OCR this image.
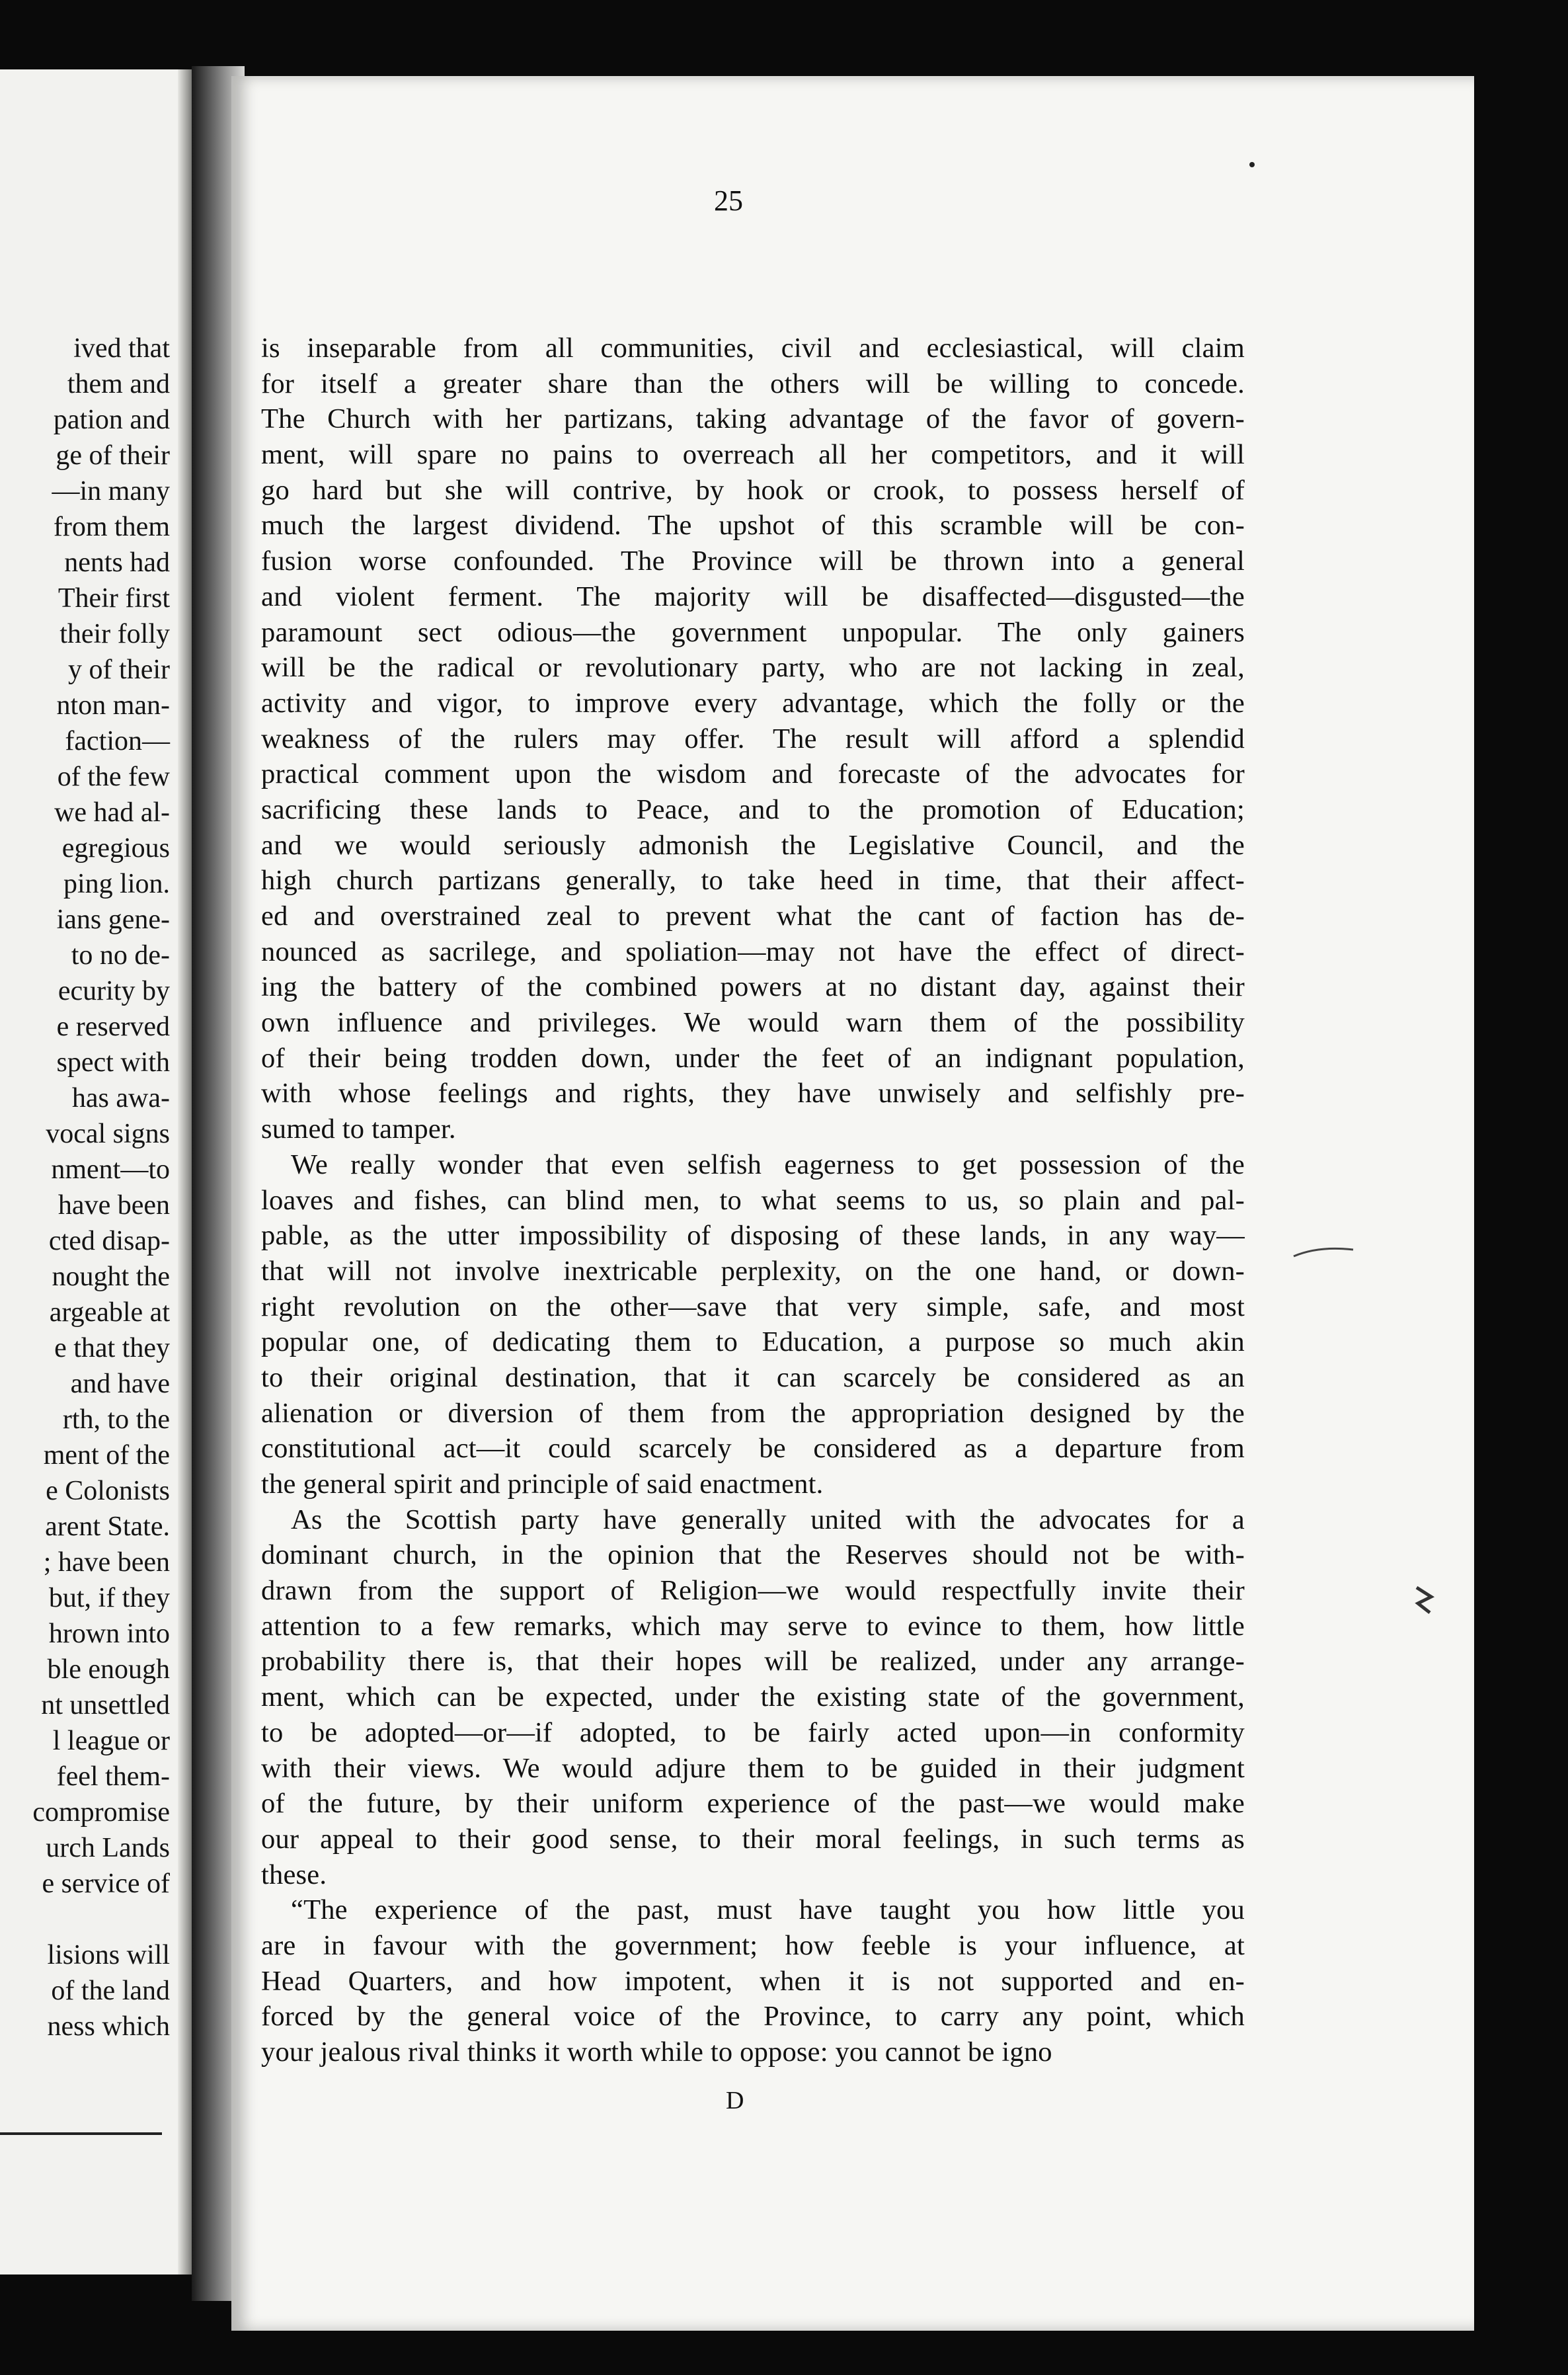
ived that
them and
pation and
ge of their
—in many
from them
nents had
Their first
their folly
y of their
nton man-
faction—
of the few
we had al-
egregious
ping lion.
ians gene-
to no de-
ecurity by
e reserved
spect with
has awa-
vocal signs
nment—to
have been
cted disap-
nought the
argeable at
e that they
and have
rth, to the
ment of the
e Colonists
arent State.
; have been
but, if they
hrown into
ble enough
nt unsettled
l league or
feel them-
compromise
urch Lands
e service of
lisions will
of the land
ness which
25
is inseparable from all communities, civil and ecclesiastical, will claim
for itself a greater share than the others will be willing to concede.
The Church with her partizans, taking advantage of the favor of govern-
ment, will spare no pains to overreach all her competitors, and it will
go hard but she will contrive, by hook or crook, to possess herself of
much the largest dividend. The upshot of this scramble will be con-
fusion worse confounded. The Province will be thrown into a general
and violent ferment. The majority will be disaffected—disgusted—the
paramount sect odious—the government unpopular. The only gainers
will be the radical or revolutionary party, who are not lacking in zeal,
activity and vigor, to improve every advantage, which the folly or the
weakness of the rulers may offer. The result will afford a splendid
practical comment upon the wisdom and forecaste of the advocates for
sacrificing these lands to Peace, and to the promotion of Education;
and we would seriously admonish the Legislative Council, and the
high church partizans generally, to take heed in time, that their affect-
ed and overstrained zeal to prevent what the cant of faction has de-
nounced as sacrilege, and spoliation—may not have the effect of direct-
ing the battery of the combined powers at no distant day, against their
own influence and privileges. We would warn them of the possibility
of their being trodden down, under the feet of an indignant population,
with whose feelings and rights, they have unwisely and selfishly pre-
sumed to tamper.
We really wonder that even selfish eagerness to get possession of the
loaves and fishes, can blind men, to what seems to us, so plain and pal-
pable, as the utter impossibility of disposing of these lands, in any way—
that will not involve inextricable perplexity, on the one hand, or down-
right revolution on the other—save that very simple, safe, and most
popular one, of dedicating them to Education, a purpose so much akin
to their original destination, that it can scarcely be considered as an
alienation or diversion of them from the appropriation designed by the
constitutional act—it could scarcely be considered as a departure from
the general spirit and principle of said enactment.
As the Scottish party have generally united with the advocates for a
dominant church, in the opinion that the Reserves should not be with-
drawn from the support of Religion—we would respectfully invite their
attention to a few remarks, which may serve to evince to them, how little
probability there is, that their hopes will be realized, under any arrange-
ment, which can be expected, under the existing state of the government,
to be adopted—or—if adopted, to be fairly acted upon—in conformity
with their views. We would adjure them to be guided in their judgment
of the future, by their uniform experience of the past—we would make
our appeal to their good sense, to their moral feelings, in such terms as
these.
“The experience of the past, must have taught you how little you
are in favour with the government; how feeble is your influence, at
Head Quarters, and how impotent, when it is not supported and en-
forced by the general voice of the Province, to carry any point, which
your jealous rival thinks it worth while to oppose: you cannot be igno
D
